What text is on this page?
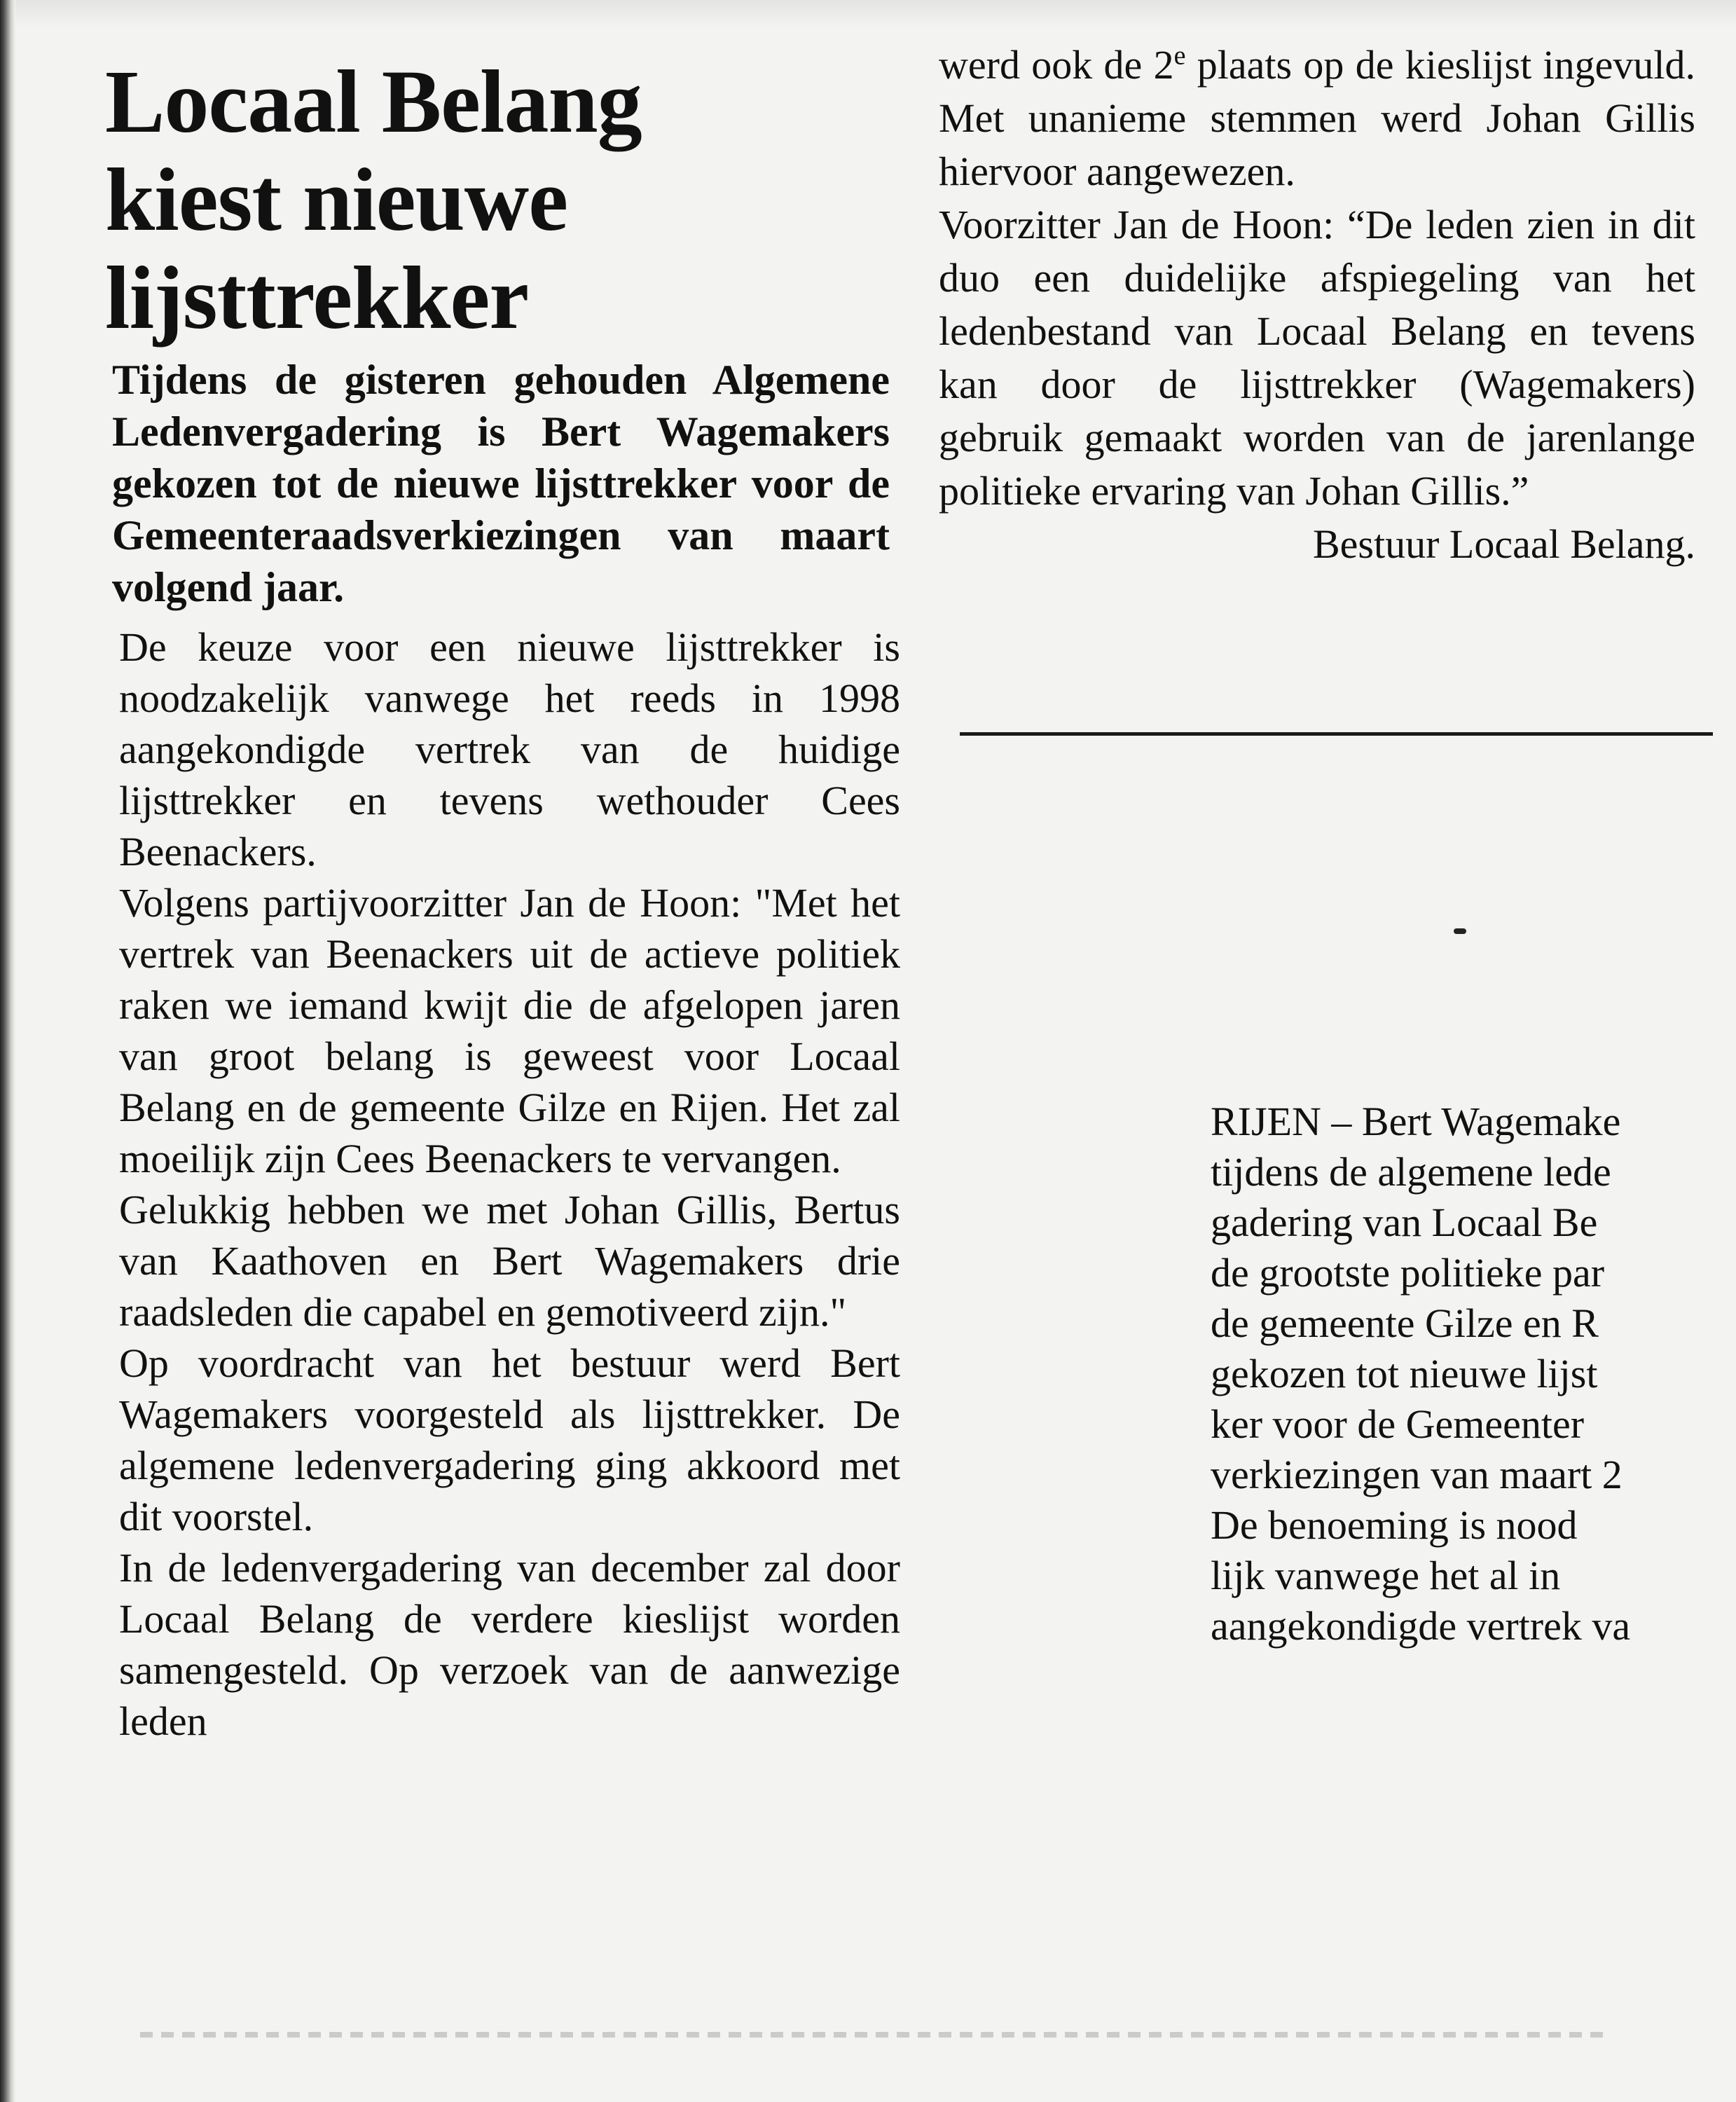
Locaal Belang
kiest nieuwe
lijsttrekker
Tijdens de gisteren gehouden Algemene Ledenvergadering is Bert Wagemakers gekozen tot de nieuwe lijsttrekker voor de Gemeenteraadsverkiezingen van maart volgend jaar.

De keuze voor een nieuwe lijsttrekker is noodzakelijk vanwege het reeds in 1998 aangekondigde vertrek van de huidige lijsttrekker en tevens wethouder Cees Beenackers.

Volgens partijvoorzitter Jan de Hoon: "Met het vertrek van Beenackers uit de actieve politiek raken we iemand kwijt die de afgelopen jaren van groot belang is geweest voor Locaal Belang en de gemeente Gilze en Rijen. Het zal moeilijk zijn Cees Beenackers te vervangen.

Gelukkig hebben we met Johan Gillis, Bertus van Kaathoven en Bert Wagemakers drie raadsleden die capabel en gemotiveerd zijn."

Op voordracht van het bestuur werd Bert Wagemakers voorgesteld als lijsttrekker. De algemene ledenvergadering ging akkoord met dit voorstel.

In de ledenvergadering van december zal door Locaal Belang de verdere kieslijst worden samengesteld. Op verzoek van de aanwezige leden

werd ook de 2e plaats op de kieslijst ingevuld. Met unanieme stemmen werd Johan Gillis hiervoor aangewezen.

Voorzitter Jan de Hoon: “De leden zien in dit duo een duidelijke afspiegeling van het ledenbestand van Locaal Belang en tevens kan door de lijsttrekker (Wagemakers) gebruik gemaakt worden van de jarenlange politieke ervaring van Johan Gillis.”

Bestuur Locaal Belang.
RIJEN – Bert Wagemake
tijdens de algemene lede
gadering van Locaal Be
de grootste politieke par
de gemeente Gilze en R
gekozen tot nieuwe lijst
ker voor de Gemeenter
verkiezingen van maart 2
De benoeming is nood
lijk vanwege het al in
aangekondigde vertrek va
